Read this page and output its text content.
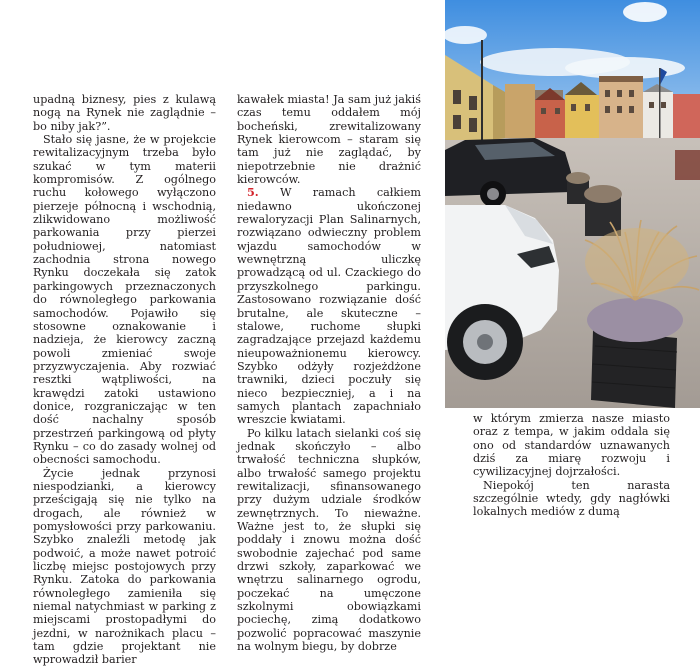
upadną biznesy, pies z kulawą nogą na Rynek nie zaglądnie – bo niby jak?”.

Stało się jasne, że w projekcie rewitalizacyjnym trzeba było szukać w tym materii kompromisów. Z ogólnego ruchu kołowego wyłączono pierzeje północną i wschodnią, zlikwidowano możliwość parkowania przy pierzei południowej, natomiast zachodnia strona nowego Rynku doczekała się zatok parkingowych przeznaczonych do równoległego parkowania samochodów. Pojawiło się stosowne oznakowanie i nadzieja, że kierowcy zaczną powoli zmieniać swoje przyzwyczajenia. Aby rozwiać resztki wątpliwości, na krawędzi zatoki ustawiono donice, rozgraniczając w ten dość nachalny sposób przestrzeń parkingową od płyty Rynku – co do zasady wolnej od obecności samochodu.

Życie jednak przynosi niespodzianki, a kierowcy prześcigają się nie tylko na drogach, ale również w pomysłowości przy parkowaniu. Szybko znaleźli metodę jak podwoić, a może nawet potroić liczbę miejsc postojowych przy Rynku. Zatoka do parkowania równoległego zamieniła się niemal natychmiast w parking z miejscami prostopadłymi do jezdni, w narożnikach placu – tam gdzie projektant nie wprowadził barier

kawałek miasta! Ja sam już jakiś czas temu oddałem mój bocheński, zrewitalizowany Rynek kierowcom – staram się tam już nie zaglądać, by niepotrzebnie nie drażnić kierowców.

5. W ramach całkiem niedawno ukończonej rewaloryzacji Plan Salinarnych, rozwiązano odwieczny problem wjazdu samochodów w wewnętrzną uliczkę prowadzącą od ul. Czackiego do przyszkolnego parkingu. Zastosowano rozwiązanie dość brutalne, ale skuteczne – stalowe, ruchome słupki zagradzające przejazd każdemu nieupoważnionemu kierowcy. Szybko odżyły rozjeżdżone trawniki, dzieci poczuły się nieco bezpieczniej, a i na samych plantach zapachniało wreszcie kwiatami.

Po kilku latach sielanki coś się jednak skończyło – albo trwałość techniczna słupków, albo trwałość samego projektu rewitalizacji, sfinansowanego przy dużym udziale środków zewnętrznych. To nieważne. Ważne jest to, że słupki się poddały i znowu można dość swobodnie zajechać pod same drzwi szkoły, zaparkować we wnętrzu salinarnego ogrodu, poczekać na umęczone szkolnymi obowiązkami pociechę, zimą dodatkowo pozwolić popracować maszynie na wolnym biegu, by dobrze

w którym zmierza nasze miasto oraz z tempa, w jakim oddala się ono od standardów uznawanych dziś za miarę rozwoju i cywilizacyjnej dojrzałości.

Niepokój ten narasta szczególnie wtedy, gdy nagłówki lokalnych mediów z dumą
